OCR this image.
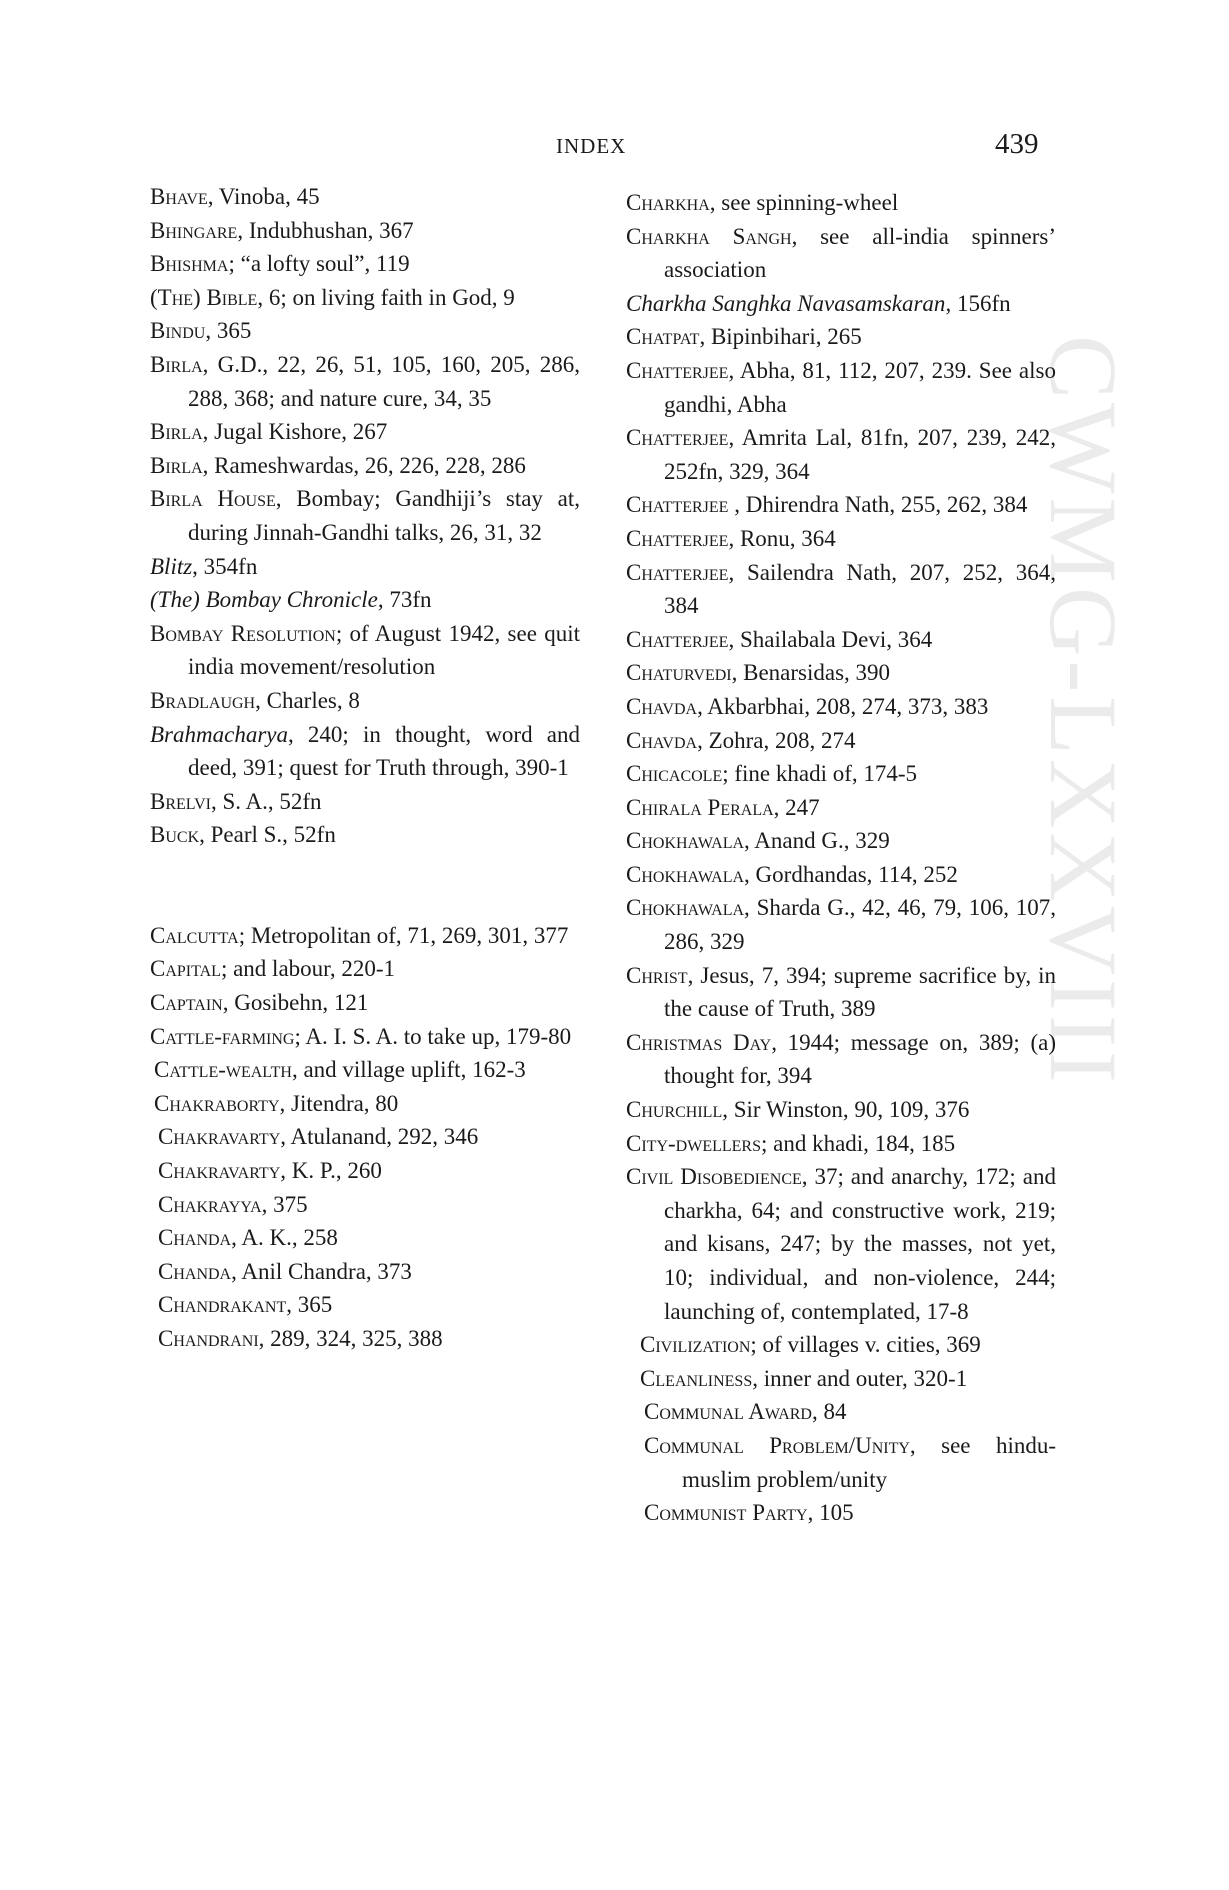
INDEX	439
CWMG-LXXVIII
Bhave, Vinoba, 45
Bhingare, Indubhushan, 367
Bhishma; “a lofty soul”, 119
(The) Bible, 6; on living faith in God, 9
Bindu, 365
Birla, G.D., 22, 26, 51, 105, 160, 205, 286, 288, 368; and nature cure, 34, 35
Birla, Jugal Kishore, 267
Birla, Rameshwardas, 26, 226, 228, 286
Birla House, Bombay; Gandhiji’s stay at, during Jinnah-Gandhi talks, 26, 31, 32
Blitz, 354fn
(The) Bombay Chronicle, 73fn
Bombay Resolution; of August 1942, see quit india movement/resolution
Bradlaugh, Charles, 8
Brahmacharya, 240; in thought, word and deed, 391; quest for Truth through, 390-1
Brelvi, S. A., 52fn
Buck, Pearl S., 52fn
Calcutta; Metropolitan of, 71, 269, 301, 377
Capital; and labour, 220-1
Captain, Gosibehn, 121
Cattle-farming; A. I. S. A. to take up, 179-80
Cattle-wealth, and village uplift, 162-3
Chakraborty, Jitendra, 80
Chakravarty, Atulanand, 292, 346
Chakravarty, K. P., 260
Chakrayya, 375
Chanda, A. K., 258
Chanda, Anil Chandra, 373
Chandrakant, 365
Chandrani, 289, 324, 325, 388
Charkha, see spinning-wheel
Charkha Sangh, see all-india spinners’ association
Charkha Sanghka Navasamskaran, 156fn
Chatpat, Bipinbihari, 265
Chatterjee, Abha, 81, 112, 207, 239. See also gandhi, Abha
Chatterjee, Amrita Lal, 81fn, 207, 239, 242, 252fn, 329, 364
Chatterjee , Dhirendra Nath, 255, 262, 384
Chatterjee, Ronu, 364
Chatterjee, Sailendra Nath, 207, 252, 364, 384
Chatterjee, Shailabala Devi, 364
Chaturvedi, Benarsidas, 390
Chavda, Akbarbhai, 208, 274, 373, 383
Chavda, Zohra, 208, 274
Chicacole; fine khadi of, 174-5
Chirala Perala, 247
Chokhawala, Anand G., 329
Chokhawala, Gordhandas, 114, 252
Chokhawala, Sharda G., 42, 46, 79, 106, 107, 286, 329
Christ, Jesus, 7, 394; supreme sacrifice by, in the cause of Truth, 389
Christmas Day, 1944; message on, 389; (a) thought for, 394
Churchill, Sir Winston, 90, 109, 376
City-dwellers; and khadi, 184, 185
Civil Disobedience, 37; and anarchy, 172; and charkha, 64; and constructive work, 219; and kisans, 247; by the masses, not yet, 10; individual, and non-violence, 244; launching of, contemplated, 17-8
Civilization; of villages v. cities, 369
Cleanliness, inner and outer, 320-1
Communal Award, 84
Communal Problem/Unity, see hindu-muslim problem/unity
Communist Party, 105
